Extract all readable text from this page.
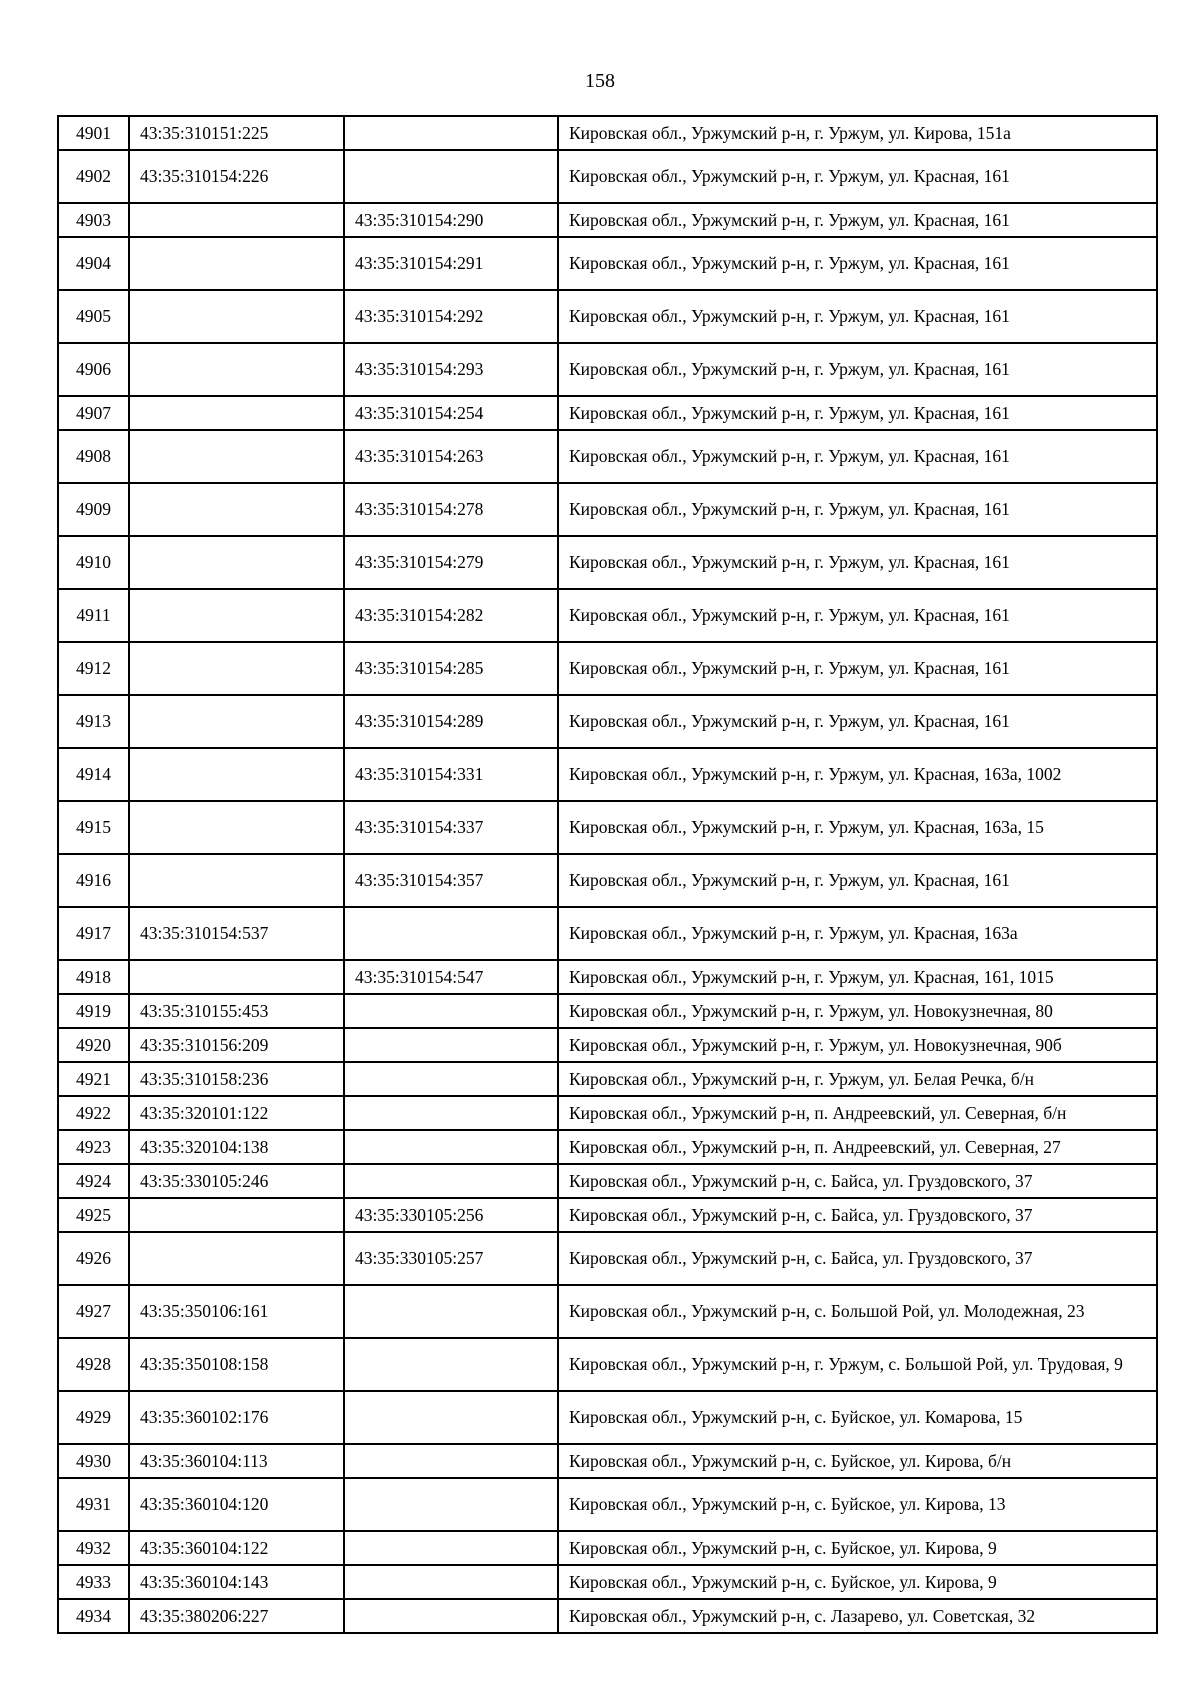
158
4901	43:35:310151:225		Кировская обл., Уржумский р-н, г. Уржум, ул. Кирова, 151а
4902	43:35:310154:226		Кировская обл., Уржумский р-н, г. Уржум, ул. Красная, 161
4903		43:35:310154:290	Кировская обл., Уржумский р-н, г. Уржум, ул. Красная, 161
4904		43:35:310154:291	Кировская обл., Уржумский р-н, г. Уржум, ул. Красная, 161
4905		43:35:310154:292	Кировская обл., Уржумский р-н, г. Уржум, ул. Красная, 161
4906		43:35:310154:293	Кировская обл., Уржумский р-н, г. Уржум, ул. Красная, 161
4907		43:35:310154:254	Кировская обл., Уржумский р-н, г. Уржум, ул. Красная, 161
4908		43:35:310154:263	Кировская обл., Уржумский р-н, г. Уржум, ул. Красная, 161
4909		43:35:310154:278	Кировская обл., Уржумский р-н, г. Уржум, ул. Красная, 161
4910		43:35:310154:279	Кировская обл., Уржумский р-н, г. Уржум, ул. Красная, 161
4911		43:35:310154:282	Кировская обл., Уржумский р-н, г. Уржум, ул. Красная, 161
4912		43:35:310154:285	Кировская обл., Уржумский р-н, г. Уржум, ул. Красная, 161
4913		43:35:310154:289	Кировская обл., Уржумский р-н, г. Уржум, ул. Красная, 161
4914		43:35:310154:331	Кировская обл., Уржумский р-н, г. Уржум, ул. Красная, 163а, 1002
4915		43:35:310154:337	Кировская обл., Уржумский р-н, г. Уржум, ул. Красная, 163а, 15
4916		43:35:310154:357	Кировская обл., Уржумский р-н, г. Уржум, ул. Красная, 161
4917	43:35:310154:537		Кировская обл., Уржумский р-н, г. Уржум, ул. Красная, 163а
4918		43:35:310154:547	Кировская обл., Уржумский р-н, г. Уржум, ул. Красная, 161, 1015
4919	43:35:310155:453		Кировская обл., Уржумский р-н, г. Уржум, ул. Новокузнечная, 80
4920	43:35:310156:209		Кировская обл., Уржумский р-н, г. Уржум, ул. Новокузнечная, 90б
4921	43:35:310158:236		Кировская обл., Уржумский р-н, г. Уржум, ул. Белая Речка, б/н
4922	43:35:320101:122		Кировская обл., Уржумский р-н, п. Андреевский, ул. Северная, б/н
4923	43:35:320104:138		Кировская обл., Уржумский р-н, п. Андреевский, ул. Северная, 27
4924	43:35:330105:246		Кировская обл., Уржумский р-н, с. Байса, ул. Груздовского, 37
4925		43:35:330105:256	Кировская обл., Уржумский р-н, с. Байса, ул. Груздовского, 37
4926		43:35:330105:257	Кировская обл., Уржумский р-н, с. Байса, ул. Груздовского, 37
4927	43:35:350106:161		Кировская обл., Уржумский р-н, с. Большой Рой, ул. Молодежная, 23
4928	43:35:350108:158		Кировская обл., Уржумский р-н, г. Уржум, с. Большой Рой, ул. Трудовая, 9
4929	43:35:360102:176		Кировская обл., Уржумский р-н, с. Буйское, ул. Комарова, 15
4930	43:35:360104:113		Кировская обл., Уржумский р-н, с. Буйское, ул. Кирова, б/н
4931	43:35:360104:120		Кировская обл., Уржумский р-н, с. Буйское, ул. Кирова, 13
4932	43:35:360104:122		Кировская обл., Уржумский р-н, с. Буйское, ул. Кирова, 9
4933	43:35:360104:143		Кировская обл., Уржумский р-н, с. Буйское, ул. Кирова, 9
4934	43:35:380206:227		Кировская обл., Уржумский р-н, с. Лазарево, ул. Советская, 32
